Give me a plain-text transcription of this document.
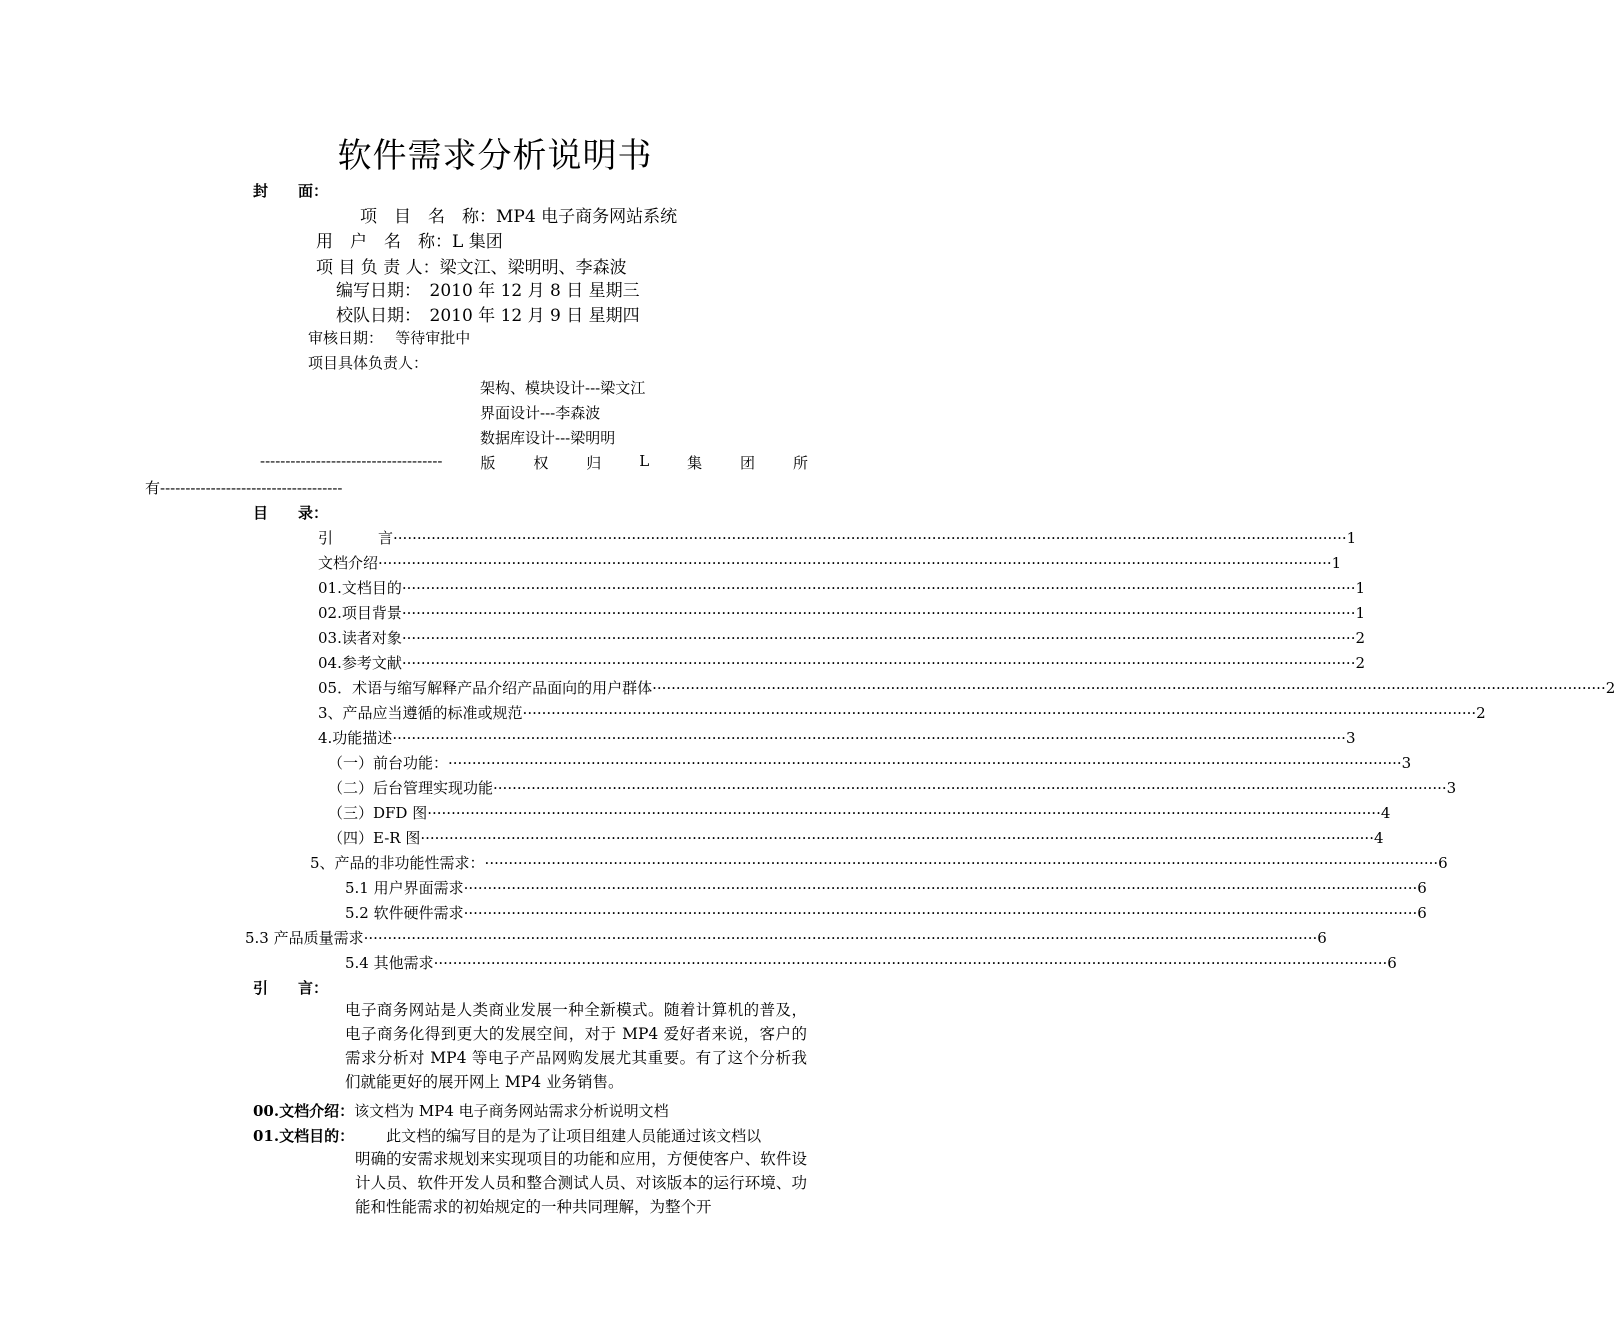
软件需求分析说明书
封　　面：
项　目　名　称：MP4 电子商务网站系统
用　户　名　称：L 集团
项 目 负 责 人：梁文江、梁明明、李森波
编写日期：　2010 年 12 月 8 日 星期三
校队日期：　2010 年 12 月 9 日 星期四
审核日期：　 等待审批中
项目具体负责人：
架构、模块设计---梁文江
界面设计---李森波
数据库设计---梁明明
------------------------------------	版	权	归	L	集	团	所
有------------------------------------
目　　录：
引　　　言 ········································································································································································································ 1
文档介绍 ········································································································································································································ 1
01.文档目的 ········································································································································································································ 1
02.项目背景 ········································································································································································································ 1
03.读者对象 ········································································································································································································ 2
04.参考文献 ········································································································································································································ 2
05．术语与缩写解释产品介绍产品面向的用户群体 ········································································································································································································ 2
3、产品应当遵循的标准或规范 ········································································································································································································ 2
4.功能描述 ········································································································································································································ 3
（一）前台功能： ········································································································································································································ 3
（二）后台管理实现功能 ········································································································································································································ 3
（三）DFD 图 ········································································································································································································ 4
（四）E-R 图 ········································································································································································································ 4
5、产品的非功能性需求： ········································································································································································································ 6
5.1 用户界面需求 ········································································································································································································ 6
5.2 软件硬件需求 ········································································································································································································ 6
5.3 产品质量需求 ········································································································································································································ 6
5.4 其他需求 ········································································································································································································ 6
引　　言：
电子商务网站是人类商业发展一种全新模式。随着计算机的普及，电子商务化得到更大的发展空间，对于 MP4 爱好者来说，客户的需求分析对 MP4 等电子产品网购发展尤其重要。有了这个分析我们就能更好的展开网上 MP4 业务销售。
00.文档介绍：该文档为 MP4 电子商务网站需求分析说明文档
01.文档目的： 此文档的编写目的是为了让项目组建人员能通过该文档以
明确的安需求规划来实现项目的功能和应用，方便使客户、软件设计人员、软件开发人员和整合测试人员、对该版本的运行环境、功能和性能需求的初始规定的一种共同理解，为整个开
